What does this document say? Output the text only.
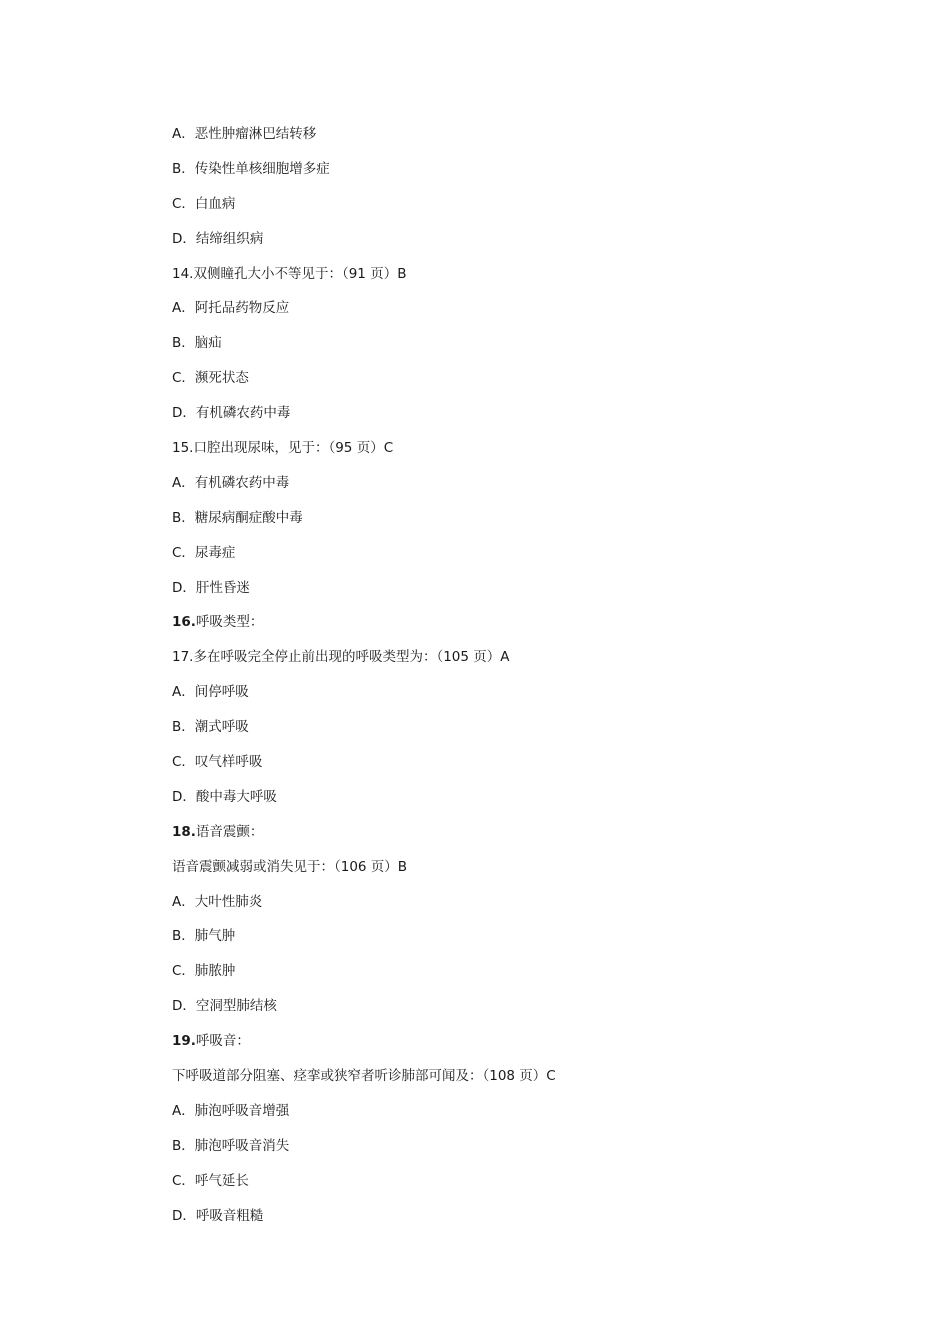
A．恶性肿瘤淋巴结转移
B．传染性单核细胞增多症
C．白血病
D．结缔组织病
14.双侧瞳孔大小不等见于：（91 页）B
A．阿托品药物反应
B．脑疝
C．濒死状态
D．有机磷农药中毒
15.口腔出现尿味，见于：（95 页）C
A．有机磷农药中毒
B．糖尿病酮症酸中毒
C．尿毒症
D．肝性昏迷
16.呼吸类型：
17.多在呼吸完全停止前出现的呼吸类型为：（105 页）A
A．间停呼吸
B．潮式呼吸
C．叹气样呼吸
D．酸中毒大呼吸
18.语音震颤：
语音震颤减弱或消失见于：（106 页）B
A．大叶性肺炎
B．肺气肿
C．肺脓肿
D．空洞型肺结核
19.呼吸音：
下呼吸道部分阻塞、痉挛或狭窄者听诊肺部可闻及：（108 页）C
A．肺泡呼吸音增强
B．肺泡呼吸音消失
C．呼气延长
D．呼吸音粗糙
